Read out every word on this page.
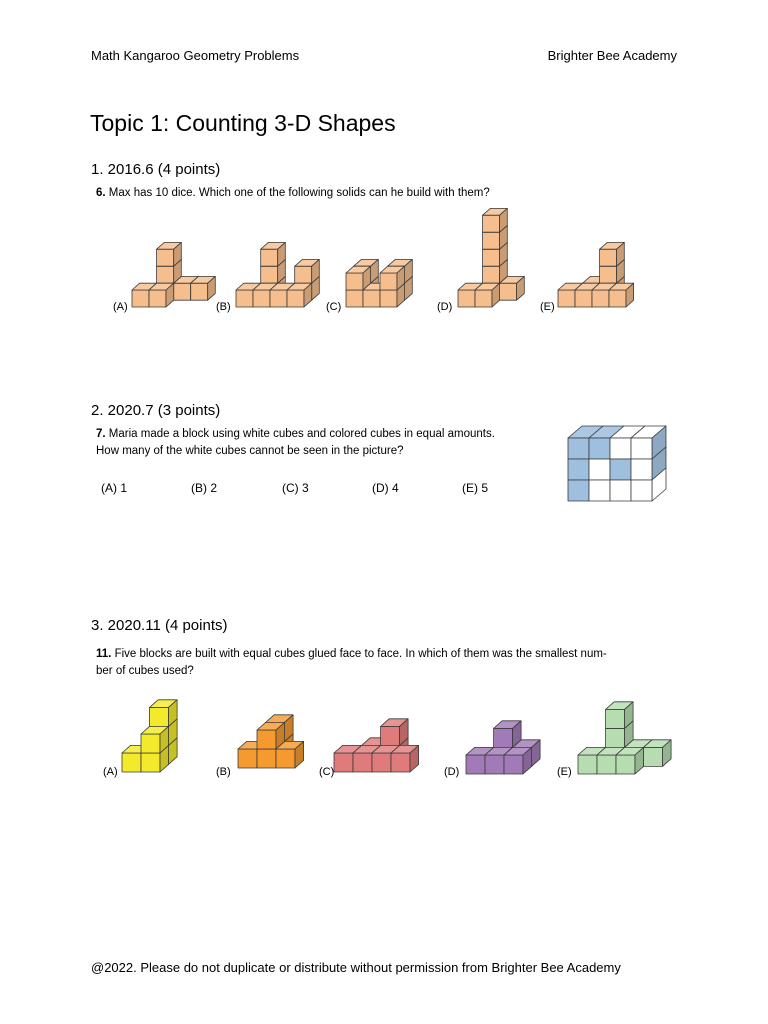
Math Kangaroo Geometry Problems	Brighter Bee Academy
Topic 1: Counting 3-D Shapes
1. 2016.6 (4 points)
6. Max has 10 dice. Which one of the following solids can he build with them?
(A)	(B)	(C)	(D)	(E)
2. 2020.7 (3 points)
7. Maria made a block using white cubes and colored cubes in equal amounts.
How many of the white cubes cannot be seen in the picture?
(A) 1	(B) 2	(C) 3	(D) 4	(E) 5
3. 2020.11 (4 points)
11. Five blocks are built with equal cubes glued face to face. In which of them was the smallest num-
ber of cubes used?
(A)	(B)	(C)	(D)	(E)
@2022. Please do not duplicate or distribute without permission from Brighter Bee Academy
